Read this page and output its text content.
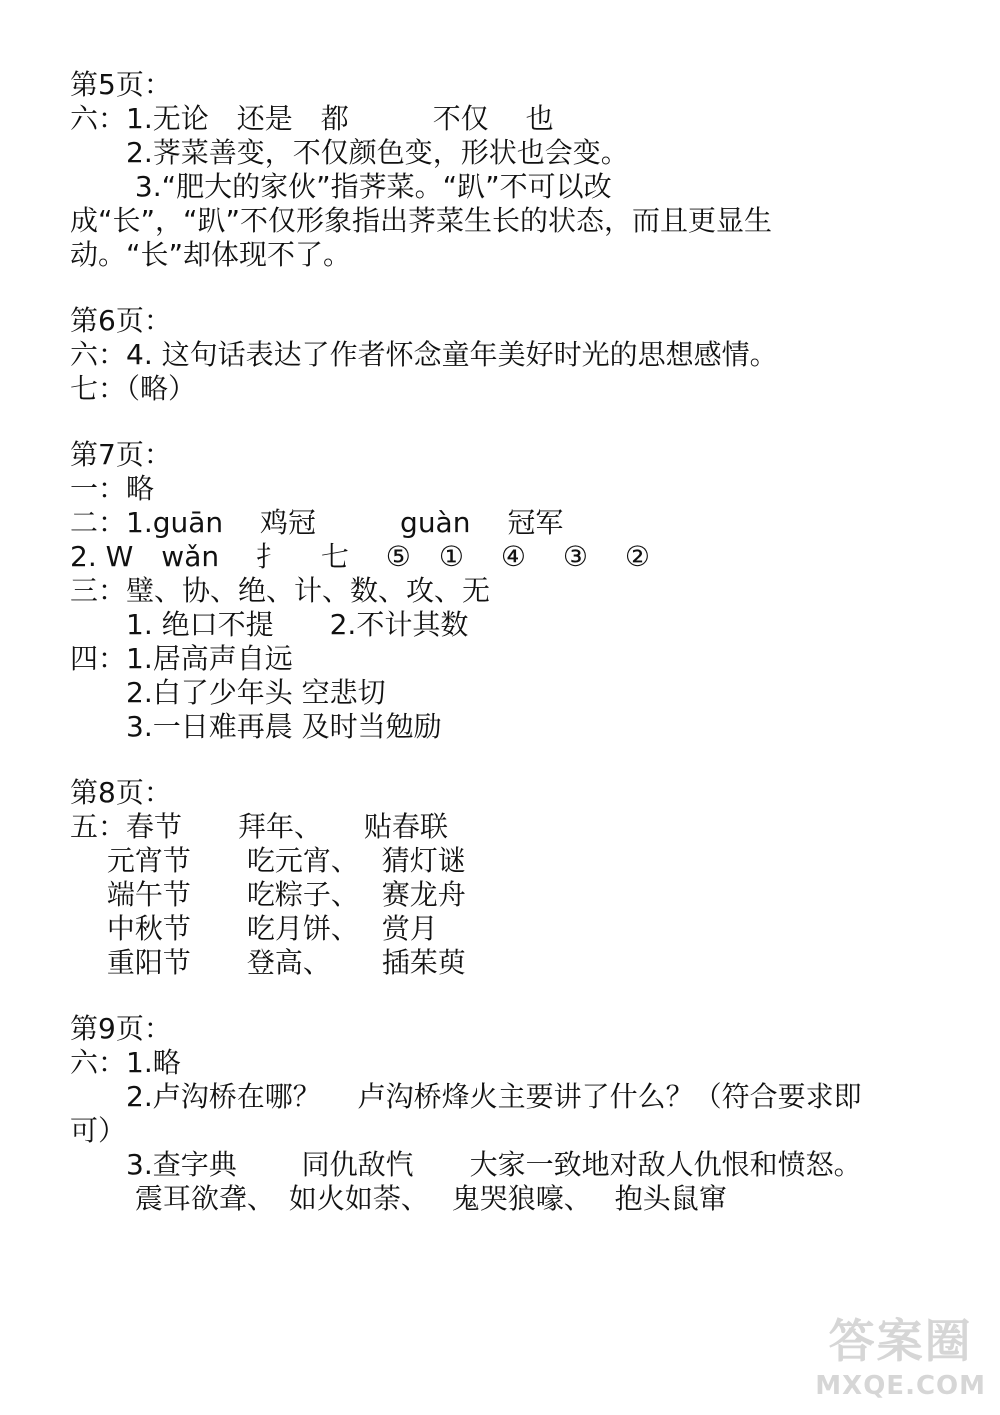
第5页：
六：1.无论　还是　都　　　不仅　 也
　　2.荠菜善变，不仅颜色变，形状也会变。
　　 3.“肥大的家伙”指荠菜。“趴”不可以改
成“长”，“趴”不仅形象指出荠菜生长的状态，而且更显生
动。“长”却体现不了。
第6页：
六：4. 这句话表达了作者怀念童年美好时光的思想感情。
七：（略）
第7页：
一：略
二：1.guān　 鸡冠　　　guàn　 冠军
2. W　wǎn　 扌　 七　 ⑤　①　 ④　 ③　 ②
三：璧、协、绝、计、数、攻、无
　　1. 绝口不提　　2.不计其数
四：1.居高声自远
　　2.白了少年头 空悲切
　　3.一日难再晨 及时当勉励
第8页：
五：春节　　拜年、　　贴春联
　 元宵节　　吃元宵、　 猜灯谜
　 端午节　　吃粽子、　 赛龙舟
　 中秋节　　吃月饼、　 赏月
　 重阳节　　登高、　　 插茱萸
第9页：
六：1.略
　　2.卢沟桥在哪？　 卢沟桥烽火主要讲了什么？（符合要求即
可）
　　3.查字典　　 同仇敌忾　　大家一致地对敌人仇恨和愤怒。
　　 震耳欲聋、　如火如荼、　 鬼哭狼嚎、　 抱头鼠窜
答案圈
MXQE.COM
